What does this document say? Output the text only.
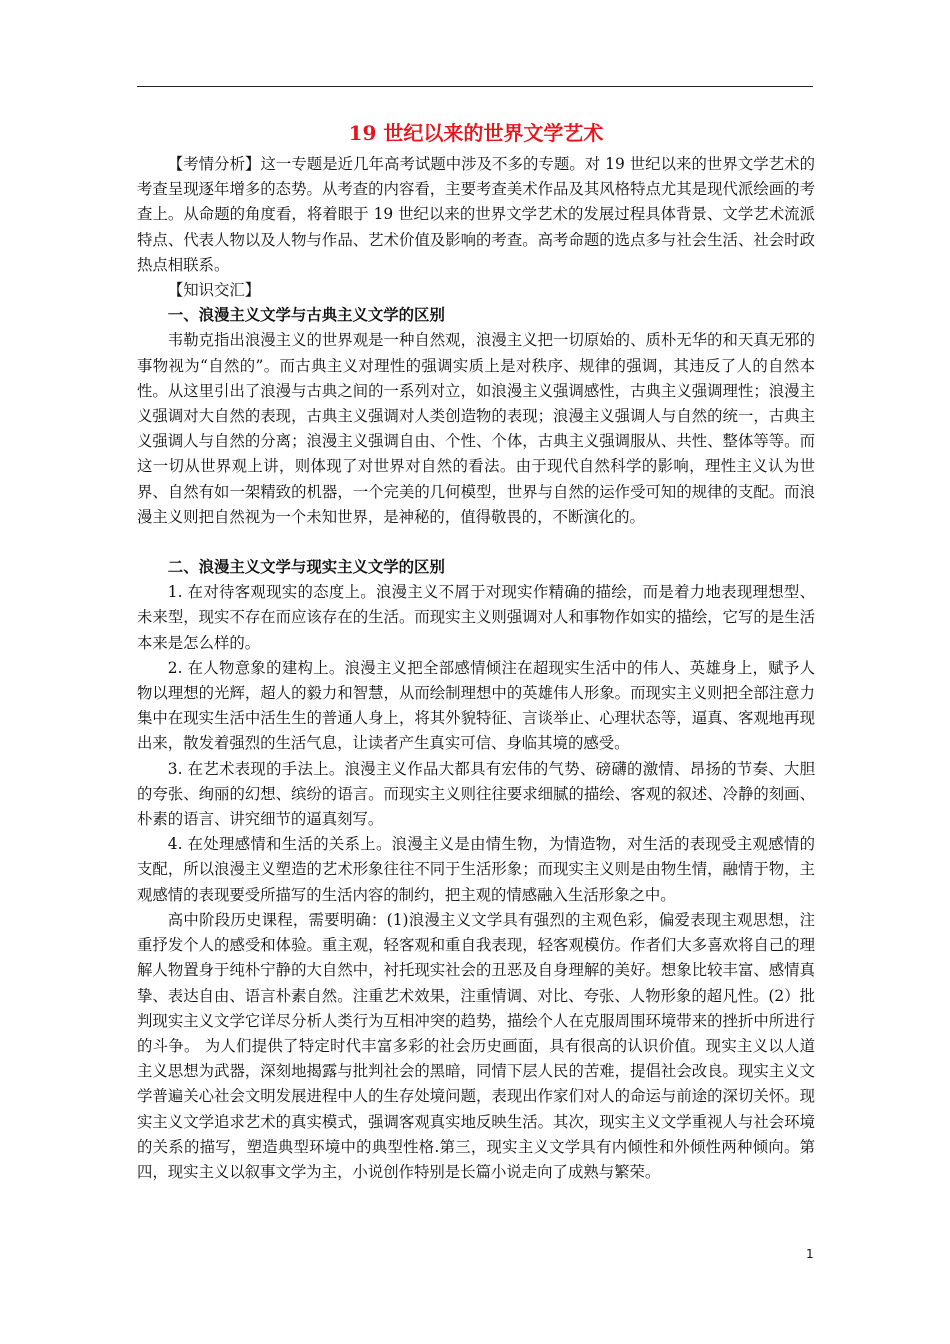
19 世纪以来的世界文学艺术

【考情分析】这一专题是近几年高考试题中涉及不多的专题。对 19 世纪以来的世界文学艺术的考查呈现逐年增多的态势。从考查的内容看，主要考查美术作品及其风格特点尤其是现代派绘画的考查上。从命题的角度看，将着眼于 19 世纪以来的世界文学艺术的发展过程具体背景、文学艺术流派特点、代表人物以及人物与作品、艺术价值及影响的考查。高考命题的选点多与社会生活、社会时政热点相联系。

【知识交汇】

一、浪漫主义文学与古典主义文学的区别

韦勒克指出浪漫主义的世界观是一种自然观，浪漫主义把一切原始的、质朴无华的和天真无邪的事物视为“自然的”。而古典主义对理性的强调实质上是对秩序、规律的强调，其违反了人的自然本性。从这里引出了浪漫与古典之间的一系列对立，如浪漫主义强调感性，古典主义强调理性；浪漫主义强调对大自然的表现，古典主义强调对人类创造物的表现；浪漫主义强调人与自然的统一，古典主义强调人与自然的分离；浪漫主义强调自由、个性、个体，古典主义强调服从、共性、整体等等。而这一切从世界观上讲，则体现了对世界对自然的看法。由于现代自然科学的影响，理性主义认为世界、自然有如一架精致的机器，一个完美的几何模型，世界与自然的运作受可知的规律的支配。而浪漫主义则把自然视为一个未知世界，是神秘的，值得敬畏的，不断演化的。

二、浪漫主义文学与现实主义文学的区别

1. 在对待客观现实的态度上。浪漫主义不屑于对现实作精确的描绘，而是着力地表现理想型、未来型，现实不存在而应该存在的生活。而现实主义则强调对人和事物作如实的描绘，它写的是生活本来是怎么样的。

2. 在人物意象的建构上。浪漫主义把全部感情倾注在超现实生活中的伟人、英雄身上，赋予人物以理想的光辉，超人的毅力和智慧，从而绘制理想中的英雄伟人形象。而现实主义则把全部注意力集中在现实生活中活生生的普通人身上，将其外貌特征、言谈举止、心理状态等，逼真、客观地再现出来，散发着强烈的生活气息，让读者产生真实可信、身临其境的感受。

3. 在艺术表现的手法上。浪漫主义作品大都具有宏伟的气势、磅礴的激情、昂扬的节奏、大胆的夸张、绚丽的幻想、缤纷的语言。而现实主义则往往要求细腻的描绘、客观的叙述、冷静的刻画、朴素的语言、讲究细节的逼真刻写。

4. 在处理感情和生活的关系上。浪漫主义是由情生物，为情造物，对生活的表现受主观感情的支配，所以浪漫主义塑造的艺术形象往往不同于生活形象；而现实主义则是由物生情，融情于物，主观感情的表现要受所描写的生活内容的制约，把主观的情感融入生活形象之中。

高中阶段历史课程，需要明确：(1)浪漫主义文学具有强烈的主观色彩，偏爱表现主观思想，注重抒发个人的感受和体验。重主观，轻客观和重自我表现，轻客观模仿。作者们大多喜欢将自己的理解人物置身于纯朴宁静的大自然中，衬托现实社会的丑恶及自身理解的美好。想象比较丰富、感情真挚、表达自由、语言朴素自然。注重艺术效果，注重情调、对比、夸张、人物形象的超凡性。(2）批判现实主义文学它详尽分析人类行为互相冲突的趋势，描绘个人在克服周围环境带来的挫折中所进行的斗争。 为人们提供了特定时代丰富多彩的社会历史画面，具有很高的认识价值。现实主义以人道主义思想为武器，深刻地揭露与批判社会的黑暗，同情下层人民的苦难，提倡社会改良。现实主义文学普遍关心社会文明发展进程中人的生存处境问题，表现出作家们对人的命运与前途的深切关怀。现实主义文学追求艺术的真实模式，强调客观真实地反映生活。其次，现实主义文学重视人与社会环境的关系的描写，塑造典型环境中的典型性格.第三，现实主义文学具有内倾性和外倾性两种倾向。第四，现实主义以叙事文学为主，小说创作特别是长篇小说走向了成熟与繁荣。

1
